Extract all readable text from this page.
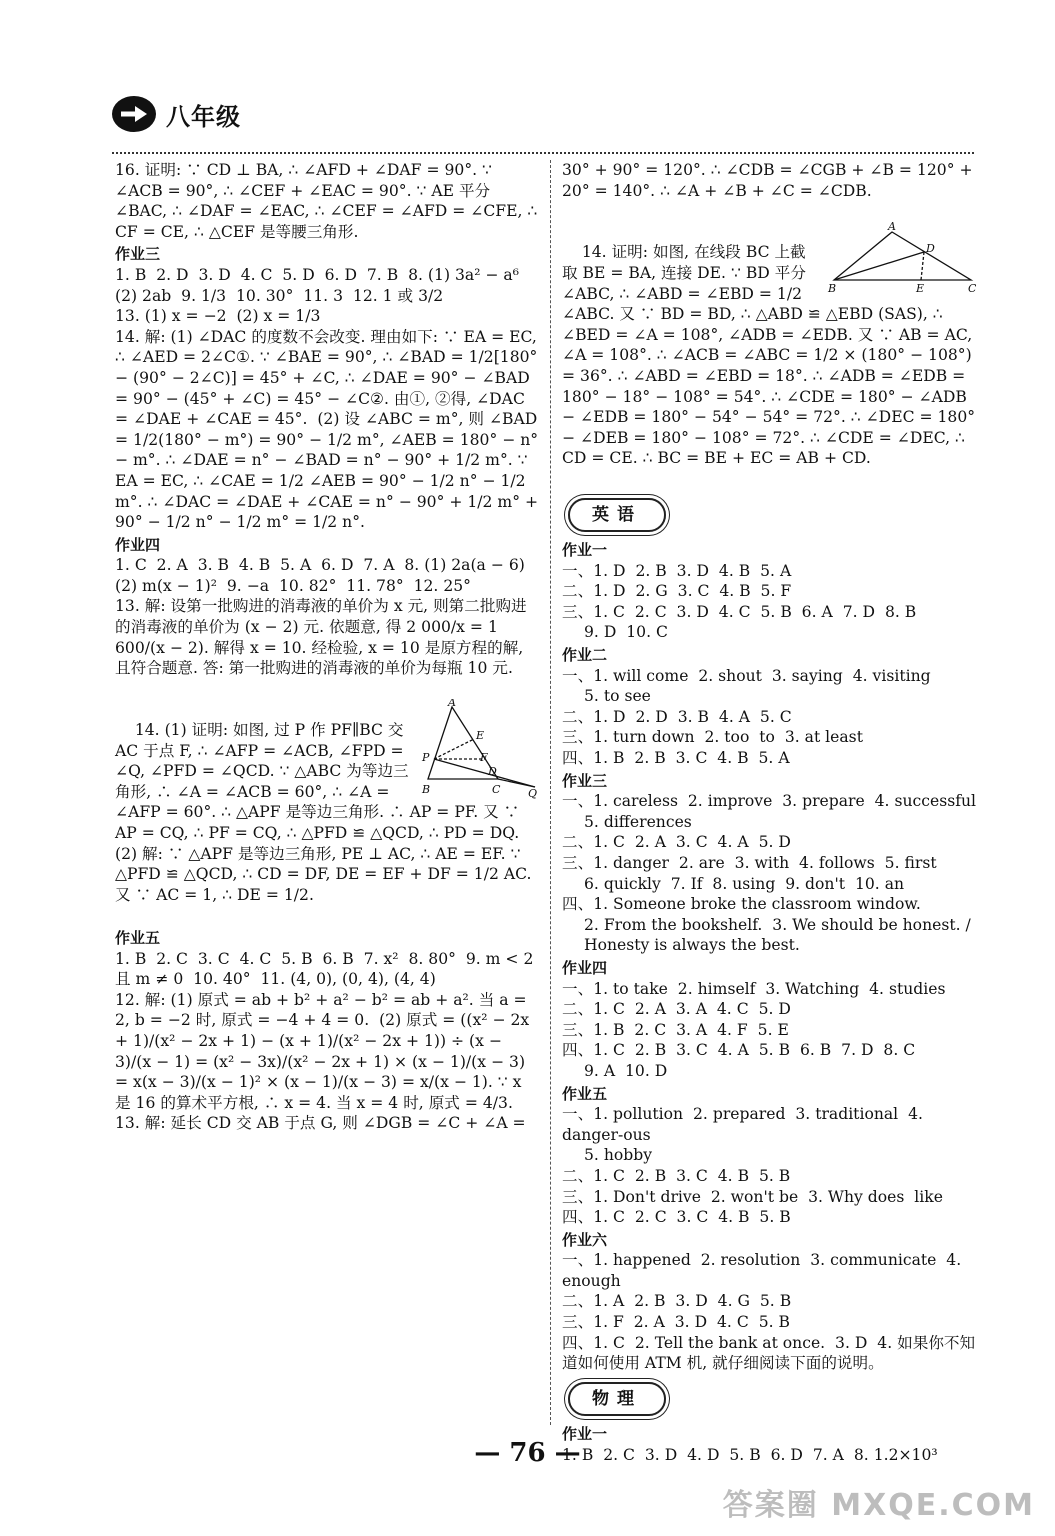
八年级

16. 证明: ∵ CD ⊥ BA, ∴ ∠AFD + ∠DAF = 90°. ∵ ∠ACB = 90°, ∴ ∠CEF + ∠EAC = 90°. ∵ AE 平分 ∠BAC, ∴ ∠DAF = ∠EAC, ∴ ∠CEF = ∠AFD = ∠CFE, ∴ CF = CE, ∴ △CEF 是等腰三角形.

作业三

1. B  2. D  3. D  4. C  5. D  6. D  7. B  8. (1) 3a² − a⁶  (2) 2ab  9. 1/3  10. 30°  11. 3  12. 1 或 3/2

13. (1) x = −2  (2) x = 1/3

14. 解: (1) ∠DAC 的度数不会改变. 理由如下: ∵ EA = EC, ∴ ∠AED = 2∠C①. ∵ ∠BAE = 90°, ∴ ∠BAD = 1/2[180° − (90° − 2∠C)] = 45° + ∠C, ∴ ∠DAE = 90° − ∠BAD = 90° − (45° + ∠C) = 45° − ∠C②. 由①, ②得, ∠DAC = ∠DAE + ∠CAE = 45°.  (2) 设 ∠ABC = m°, 则 ∠BAD = 1/2(180° − m°) = 90° − 1/2 m°, ∠AEB = 180° − n° − m°. ∴ ∠DAE = n° − ∠BAD = n° − 90° + 1/2 m°. ∵ EA = EC, ∴ ∠CAE = 1/2 ∠AEB = 90° − 1/2 n° − 1/2 m°. ∴ ∠DAC = ∠DAE + ∠CAE = n° − 90° + 1/2 m° + 90° − 1/2 n° − 1/2 m° = 1/2 n°.

作业四

1. C  2. A  3. B  4. B  5. A  6. D  7. A  8. (1) 2a(a − 6)  (2) m(x − 1)²  9. −a  10. 82°  11. 78°  12. 25°

13. 解: 设第一批购进的消毒液的单价为 x 元, 则第二批购进的消毒液的单价为 (x − 2) 元. 依题意, 得 2 000/x = 1 600/(x − 2). 解得 x = 10. 经检验, x = 10 是原方程的解, 且符合题意. 答: 第一批购进的消毒液的单价为每瓶 10 元.

A
P
E
F
D
B	C	Q

14. (1) 证明: 如图, 过 P 作 PF∥BC 交 AC 于点 F, ∴ ∠AFP = ∠ACB, ∠FPD = ∠Q, ∠PFD = ∠QCD. ∵ △ABC 为等边三角形, ∴ ∠A = ∠ACB = 60°, ∴ ∠A = ∠AFP = 60°. ∴ △APF 是等边三角形. ∴ AP = PF. 又 ∵ AP = CQ, ∴ PF = CQ, ∴ △PFD ≌ △QCD, ∴ PD = DQ.  (2) 解: ∵ △APF 是等边三角形, PE ⊥ AC, ∴ AE = EF. ∵ △PFD ≌ △QCD, ∴ CD = DF, DE = EF + DF = 1/2 AC. 又 ∵ AC = 1, ∴ DE = 1/2.

作业五

1. B  2. C  3. C  4. C  5. B  6. B  7. x²  8. 80°  9. m < 2 且 m ≠ 0  10. 40°  11. (4, 0), (0, 4), (4, 4)

12. 解: (1) 原式 = ab + b² + a² − b² = ab + a². 当 a = 2, b = −2 时, 原式 = −4 + 4 = 0.  (2) 原式 = ((x² − 2x + 1)/(x² − 2x + 1) − (x + 1)/(x² − 2x + 1)) ÷ (x − 3)/(x − 1) = (x² − 3x)/(x² − 2x + 1) × (x − 1)/(x − 3) = x(x − 3)/(x − 1)² × (x − 1)/(x − 3) = x/(x − 1). ∵ x 是 16 的算术平方根, ∴ x = 4. 当 x = 4 时, 原式 = 4/3.

13. 解: 延长 CD 交 AB 于点 G, 则 ∠DGB = ∠C + ∠A =

30° + 90° = 120°. ∴ ∠CDB = ∠CGB + ∠B = 120° + 20° = 140°. ∴ ∠A + ∠B + ∠C = ∠CDB.

A
D
E
B	C

14. 证明: 如图, 在线段 BC 上截取 BE = BA, 连接 DE. ∵ BD 平分 ∠ABC, ∴ ∠ABD = ∠EBD = 1/2 ∠ABC. 又 ∵ BD = BD, ∴ △ABD ≌ △EBD (SAS), ∴ ∠BED = ∠A = 108°, ∠ADB = ∠EDB. 又 ∵ AB = AC, ∠A = 108°. ∴ ∠ACB = ∠ABC = 1/2 × (180° − 108°) = 36°. ∴ ∠ABD = ∠EBD = 18°. ∴ ∠ADB = ∠EDB = 180° − 18° − 108° = 54°. ∴ ∠CDE = 180° − ∠ADB − ∠EDB = 180° − 54° − 54° = 72°. ∴ ∠DEC = 180° − ∠DEB = 180° − 108° = 72°. ∴ ∠CDE = ∠DEC, ∴ CD = CE. ∴ BC = BE + EC = AB + CD.

英语

作业一

一、1. D  2. B  3. D  4. B  5. A

二、1. D  2. G  3. C  4. B  5. F

三、1. C  2. C  3. D  4. C  5. B  6. A  7. D  8. B

9. D  10. C

作业二

一、1. will come  2. shout  3. saying  4. visiting

5. to see

二、1. D  2. D  3. B  4. A  5. C

三、1. turn down  2. too  to  3. at least

四、1. B  2. B  3. C  4. B  5. A

作业三

一、1. careless  2. improve  3. prepare  4. successful

5. differences

二、1. C  2. A  3. C  4. A  5. D

三、1. danger  2. are  3. with  4. follows  5. first

6. quickly  7. If  8. using  9. don't  10. an

四、1. Someone broke the classroom window.

2. From the bookshelf.  3. We should be honest. / Honesty is always the best.

作业四

一、1. to take  2. himself  3. Watching  4. studies

二、1. C  2. A  3. A  4. C  5. D

三、1. B  2. C  3. A  4. F  5. E

四、1. C  2. B  3. C  4. A  5. B  6. B  7. D  8. C

9. A  10. D

作业五

一、1. pollution  2. prepared  3. traditional  4. danger-ous

5. hobby

二、1. C  2. B  3. C  4. B  5. B

三、1. Don't drive  2. won't be  3. Why does  like

四、1. C  2. C  3. C  4. B  5. B

作业六

一、1. happened  2. resolution  3. communicate  4. enough

二、1. A  2. B  3. D  4. G  5. B

三、1. F  2. A  3. D  4. C  5. B

四、1. C  2. Tell the bank at once.  3. D  4. 如果你不知道如何使用 ATM 机, 就仔细阅读下面的说明。

物理

作业一

1. B  2. C  3. D  4. D  5. B  6. D  7. A  8. 1.2×10³

— 76 —
答案圈 MXQE.COM
